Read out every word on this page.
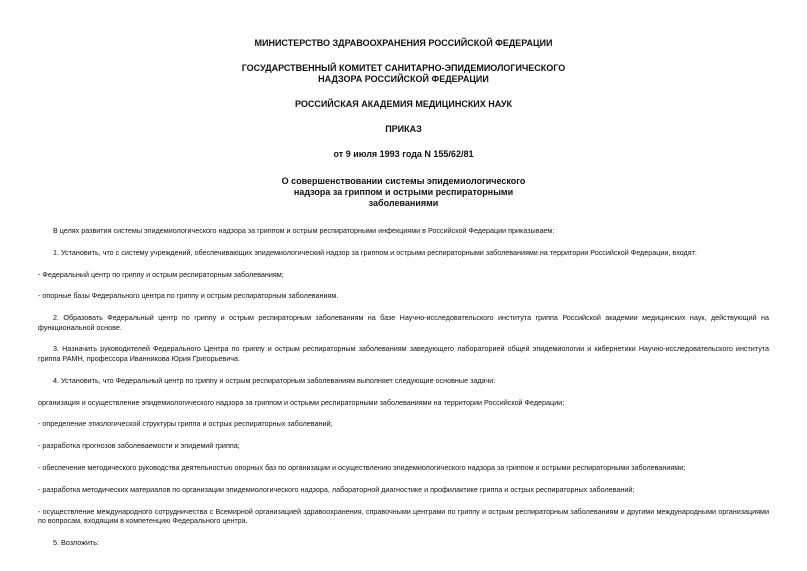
МИНИСТЕРСТВО ЗДРАВООХРАНЕНИЯ РОССИЙСКОЙ ФЕДЕРАЦИИ
ГОСУДАРСТВЕННЫЙ КОМИТЕТ САНИТАРНО-ЭПИДЕМИОЛОГИЧЕСКОГО
НАДЗОРА РОССИЙСКОЙ ФЕДЕРАЦИИ
РОССИЙСКАЯ АКАДЕМИЯ МЕДИЦИНСКИХ НАУК
ПРИКАЗ
от 9 июля 1993 года N 155/62/81
О совершенствовании системы эпидемиологического
надзора за гриппом и острыми респираторными
заболеваниями

В целях развития системы эпидемиологического надзора за гриппом и острым респираторными инфекциями в Российской Федерации приказываем:

1. Установить, что с систему учреждений, обеспечивающих эпидемиологический надзор за гриппом и острыми респираторными заболеваниями на территории Российской Федерации, входят:

- Федеральный центр по гриппу и острым респираторным заболеваниям;

- опорные базы Федерального центра по гриппу и острым респираторным заболеваниям.

2. Образовать Федеральный центр по гриппу и острым респираторным заболеваниям на базе Научно-исследовательского института гриппа Российской академии медицинских наук, действующий на функциональной основе.

3. Назначить руководителей Федерального Центра по гриппу и острым респираторным заболеваниям заведующего лабораторией общей эпидемиологии и кибернетики Научно-исследовательского института гриппа РАМН, профессора Иванникова Юрия Григорьевича.

4. Установить, что Федеральный центр по гриппу и острым респираторным заболеваниям выполняет следующие основные задачи:

организация и осуществление эпидемиологического надзора за гриппом и острыми респираторными заболеваниями на территории Российской Федерации;

- определение этиологической структуры гриппа и острых респираторных заболеваний;

- разработка прогнозов заболеваемости и эпидемий гриппа;

- обеспечение методического руководства деятельностью опорных баз по организации и осуществлению эпидемиологического надзора за гриппом и острыми респираторными заболеваниями;

- разработка методических материалов по организации эпидемиологического надзора, лабораторной диагностике и профилактике гриппа и острых респираторных заболеваний;

- осуществление международного сотрудничества с Всемирной организацией здравоохранения, справочными центрами по гриппу и острым респираторным заболеваниям и другими международными организациями по вопросам, входящим в компетенцию Федерального центра.

5. Возложить:
